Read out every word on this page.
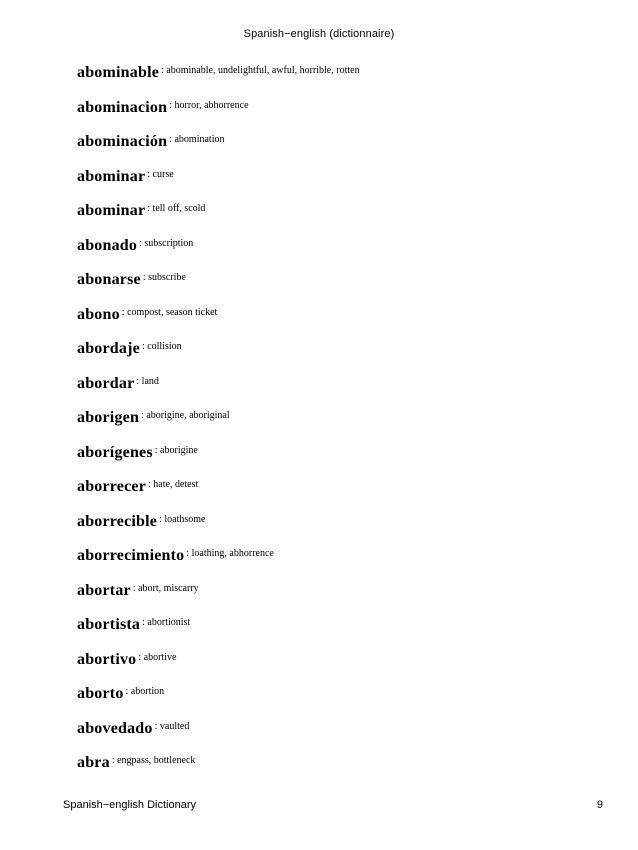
Spanish−english (dictionnaire)
abominable $^{: abominable, undelightful, awful, horrible, rotten}$
abominacion $^{: horror, abhorrence}$
abominación $^{: abomination}$
abominar $^{: curse}$
abominar $^{: tell off, scold}$
abonado $^{: subscription}$
abonarse $^{: subscribe}$
abono $^{: compost, season ticket}$
abordaje $^{: collision}$
abordar $^{: land}$
aborigen $^{: aborigine, aboriginal}$
aborígenes $^{: aborigine}$
aborrecer $^{: hate, detest}$
aborrecible $^{: loathsome}$
aborrecimiento $^{: loathing, abhorrence}$
abortar $^{: abort, miscarry}$
abortista $^{: abortionist}$
abortivo $^{: abortive}$
aborto $^{: abortion}$
abovedado $^{: vaulted}$
abra $^{: engpass, bottleneck}$
Spanish−english Dictionary	9
